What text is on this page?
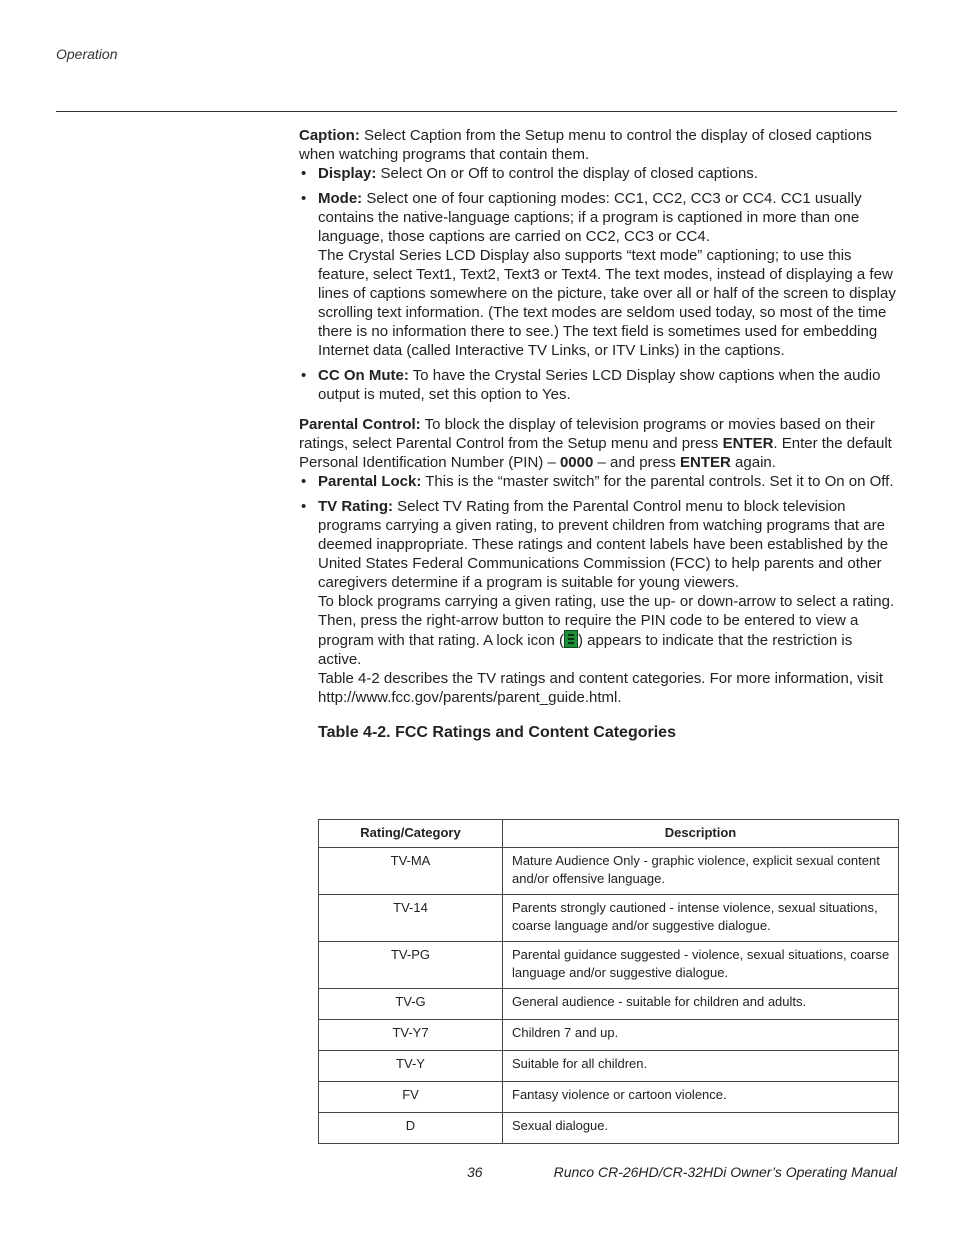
Operation

Caption: Select Caption from the Setup menu to control the display of closed captions when watching programs that contain them.

• Display: Select On or Off to control the display of closed captions.
• Mode: Select one of four captioning modes: CC1, CC2, CC3 or CC4. CC1 usually contains the native-language captions; if a program is captioned in more than one language, those captions are carried on CC2, CC3 or CC4.

The Crystal Series LCD Display also supports “text mode” captioning; to use this feature, select Text1, Text2, Text3 or Text4. The text modes, instead of displaying a few lines of captions somewhere on the picture, take over all or half of the screen to display scrolling text information. (The text modes are seldom used today, so most of the time there is no information there to see.) The text field is sometimes used for embedding Internet data (called Interactive TV Links, or ITV Links) in the captions.

• CC On Mute: To have the Crystal Series LCD Display show captions when the audio output is muted, set this option to Yes.

Parental Control: To block the display of television programs or movies based on their ratings, select Parental Control from the Setup menu and press ENTER. Enter the default Personal Identification Number (PIN) – 0000 – and press ENTER again.

• Parental Lock: This is the “master switch” for the parental controls. Set it to On on Off.
• TV Rating: Select TV Rating from the Parental Control menu to block television programs carrying a given rating, to prevent children from watching programs that are deemed inappropriate. These ratings and content labels have been established by the United States Federal Communications Commission (FCC) to help parents and other caregivers determine if a program is suitable for young viewers.

To block programs carrying a given rating, use the up- or down-arrow to select a rating. Then, press the right-arrow button to require the PIN code to be entered to view a program with that rating. A lock icon ( ) appears to indicate that the restriction is active.

Table 4-2 describes the TV ratings and content categories. For more information, visit http://www.fcc.gov/parents/parent_guide.html.

Table 4-2. FCC Ratings and Content Categories
Rating/Category	Description
TV-MA	Mature Audience Only - graphic violence, explicit sexual content and/or offensive language.
TV-14	Parents strongly cautioned - intense violence, sexual situations, coarse language and/or suggestive dialogue.
TV-PG	Parental guidance suggested - violence, sexual situations, coarse language and/or suggestive dialogue.
TV-G	General audience - suitable for children and adults.
TV-Y7	Children 7 and up.
TV-Y	Suitable for all children.
FV	Fantasy violence or cartoon violence.
D	Sexual dialogue.
36	Runco CR-26HD/CR-32HDi Owner’s Operating Manual
